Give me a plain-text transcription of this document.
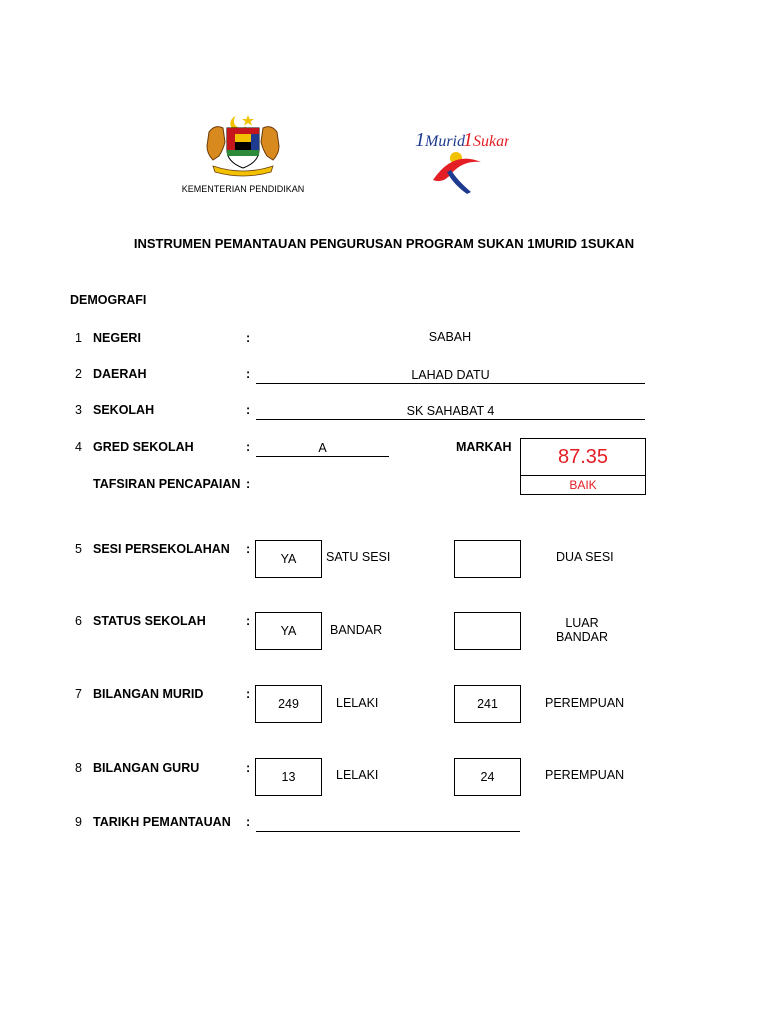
KEMENTERIAN PENDIDIKAN
1 Murid
1 Sukan
INSTRUMEN PEMANTAUAN PENGURUSAN PROGRAM SUKAN 1MURID 1SUKAN
DEMOGRAFI
1 NEGERI	:	SABAH
2 DAERAH	:	LAHAD DATU
3 SEKOLAH	:	SK SAHABAT 4
4 GRED SEKOLAH	:	A	MARKAH 87.35
TAFSIRAN PENCAPAIAN :	BAIK
5 SESI PERSEKOLAHAN :
YA SATU SESI	DUA SESI
6 STATUS SEKOLAH	:
YA	BANDAR	LUAR
BANDAR
7 BILANGAN MURID	:
249	LELAKI	241	PEREMPUAN
8 BILANGAN GURU	:
13	LELAKI	24	PEREMPUAN
9 TARIKH PEMANTAUAN :
